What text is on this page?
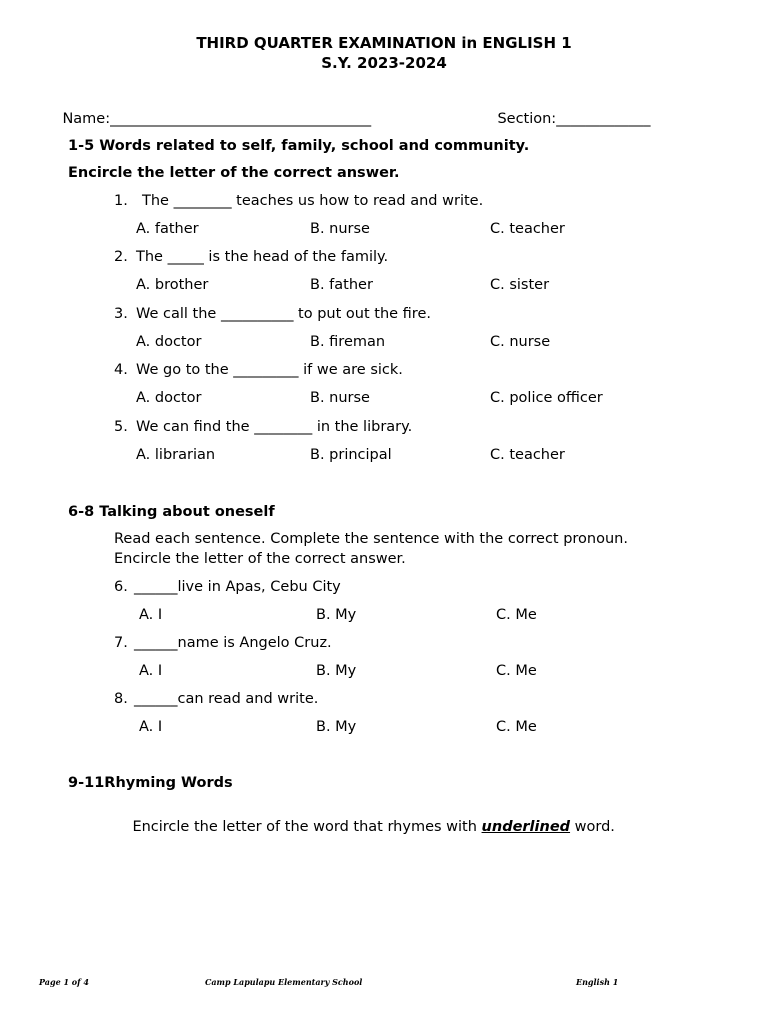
THIRD QUARTER EXAMINATION in ENGLISH 1
S.Y. 2023-2024

Name:____________________________________
	Section:_____________

1-5 Words related to self, family, school and community.
Encircle the letter of the correct answer.
1. The ________ teaches us how to read and write.
A. father	B. nurse	C. teacher
2. The _____ is the head of the family.
A. brother	B. father	C. sister
3. We call the __________ to put out the fire.
A. doctor	B. fireman	C. nurse
4. We go to the _________ if we are sick.
A. doctor	B. nurse	C. police officer
5. We can find the ________ in the library.
A. librarian	B. principal	C. teacher
6-8 Talking about oneself
Read each sentence. Complete the sentence with the correct pronoun.
Encircle the letter of the correct answer.
6. ______live in Apas, Cebu City
A. I	B. My	C. Me
7. ______name is Angelo Cruz.
A. I	B. My	C. Me
8. ______can read and write.
A. I	B. My	C. Me
9-11Rhyming Words

Encircle the letter of the word that rhymes with underlined word.

Page 1 of 4	Camp Lapulapu Elementary School	English 1
